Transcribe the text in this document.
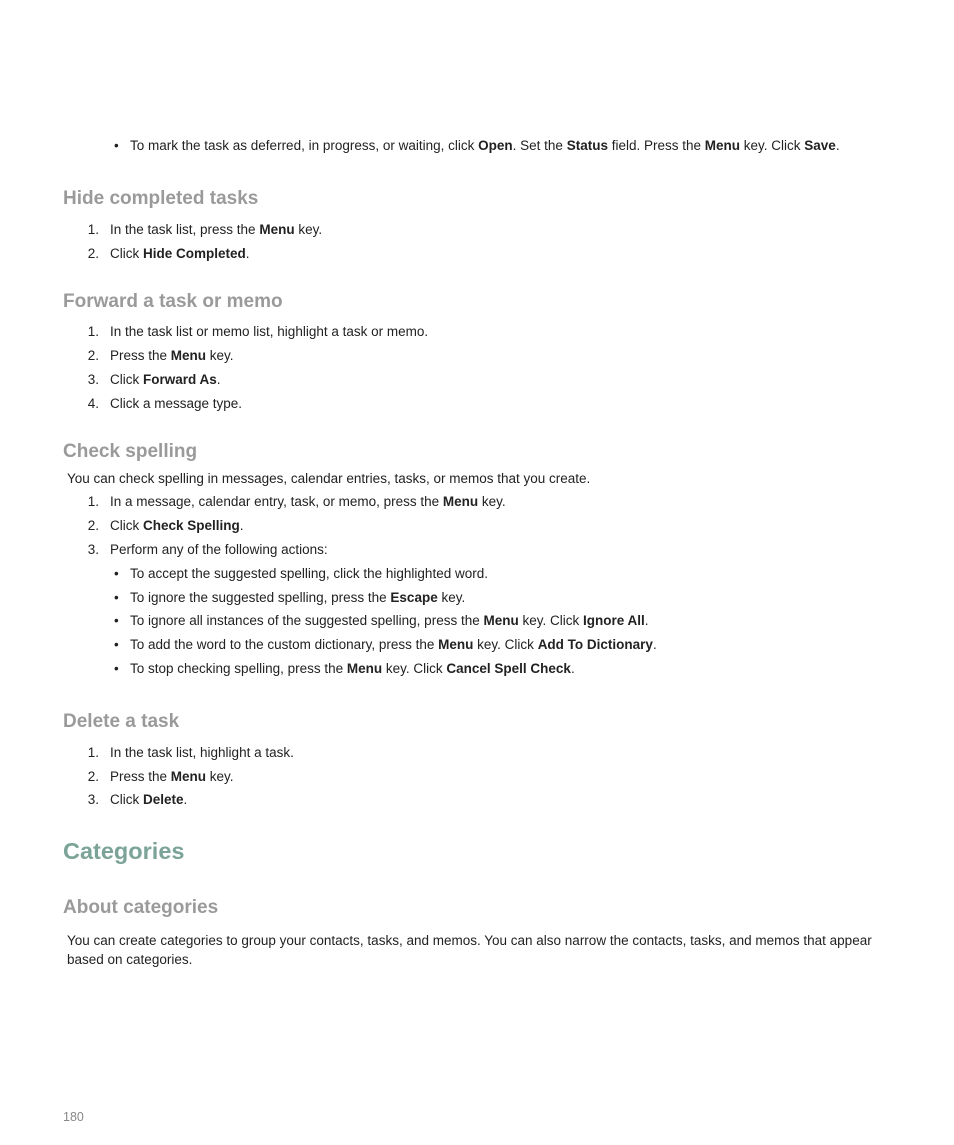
• To mark the task as deferred, in progress, or waiting, click Open. Set the Status field. Press the Menu key. Click Save.
Hide completed tasks
1. In the task list, press the Menu key.
2. Click Hide Completed.
Forward a task or memo
1. In the task list or memo list, highlight a task or memo.
2. Press the Menu key.
3. Click Forward As.
4. Click a message type.
Check spelling
You can check spelling in messages, calendar entries, tasks, or memos that you create.
1. In a message, calendar entry, task, or memo, press the Menu key.
2. Click Check Spelling.
3. Perform any of the following actions:
• To accept the suggested spelling, click the highlighted word.
• To ignore the suggested spelling, press the Escape key.
• To ignore all instances of the suggested spelling, press the Menu key. Click Ignore All.
• To add the word to the custom dictionary, press the Menu key. Click Add To Dictionary.
• To stop checking spelling, press the Menu key. Click Cancel Spell Check.
Delete a task
1. In the task list, highlight a task.
2. Press the Menu key.
3. Click Delete.
Categories
About categories
You can create categories to group your contacts, tasks, and memos. You can also narrow the contacts, tasks, and memos that appear
based on categories.
180
